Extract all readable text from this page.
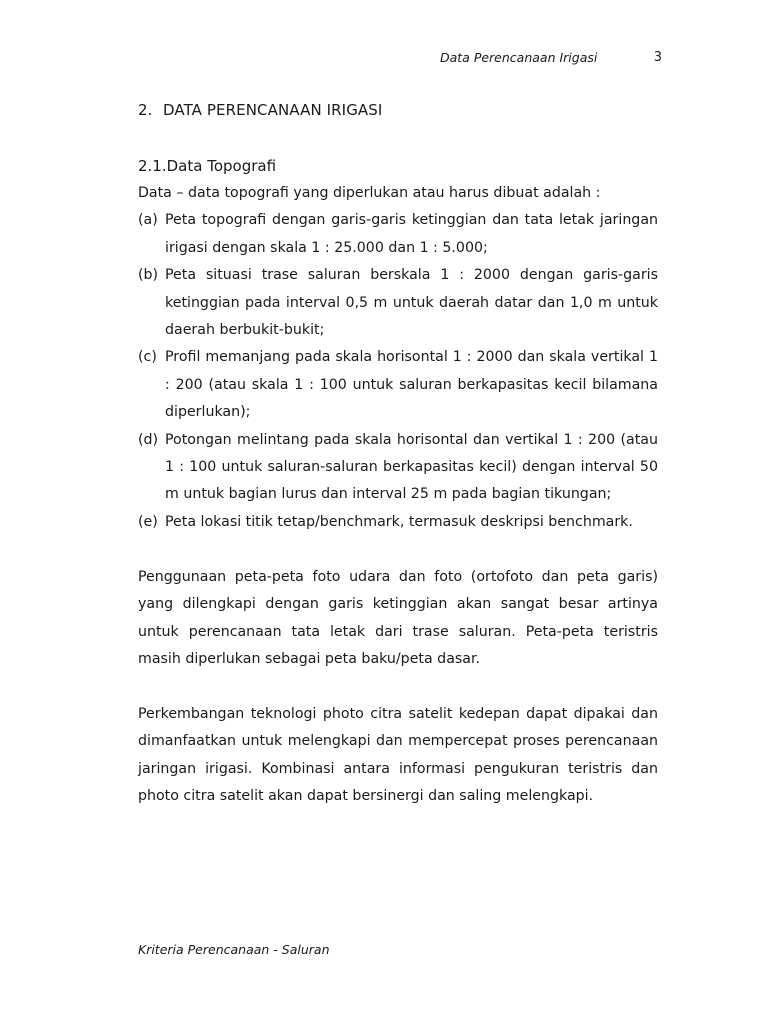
Data Perencanaan Irigasi	3
2. DATA PERENCANAAN IRIGASI
2.1.Data Topografi

Data – data topografi yang diperlukan atau harus dibuat adalah :

(a) Peta topografi dengan garis-garis ketinggian dan tata letak jaringan irigasi dengan skala 1 : 25.000 dan 1 : 5.000;
(b) Peta situasi trase saluran berskala 1 : 2000 dengan garis-garis ketinggian pada interval 0,5 m untuk daerah datar dan 1,0 m untuk daerah berbukit-bukit;
(c) Profil memanjang pada skala horisontal 1 : 2000 dan skala vertikal 1 : 200 (atau skala 1 : 100 untuk saluran berkapasitas kecil bilamana diperlukan);
(d) Potongan melintang pada skala horisontal dan vertikal 1 : 200 (atau 1 : 100 untuk saluran-saluran berkapasitas kecil) dengan interval 50 m untuk bagian lurus dan interval 25 m pada bagian tikungan;
(e) Peta lokasi titik tetap/benchmark, termasuk deskripsi benchmark.

Penggunaan peta-peta foto udara dan foto (ortofoto dan peta garis) yang dilengkapi dengan garis ketinggian akan sangat besar artinya untuk perencanaan tata letak dari trase saluran. Peta-peta teristris masih diperlukan sebagai peta baku/peta dasar.

Perkembangan teknologi photo citra satelit kedepan dapat dipakai dan dimanfaatkan untuk melengkapi dan mempercepat proses perencanaan jaringan irigasi. Kombinasi antara informasi pengukuran teristris dan photo citra satelit akan dapat bersinergi dan saling melengkapi.

Kriteria Perencanaan - Saluran
